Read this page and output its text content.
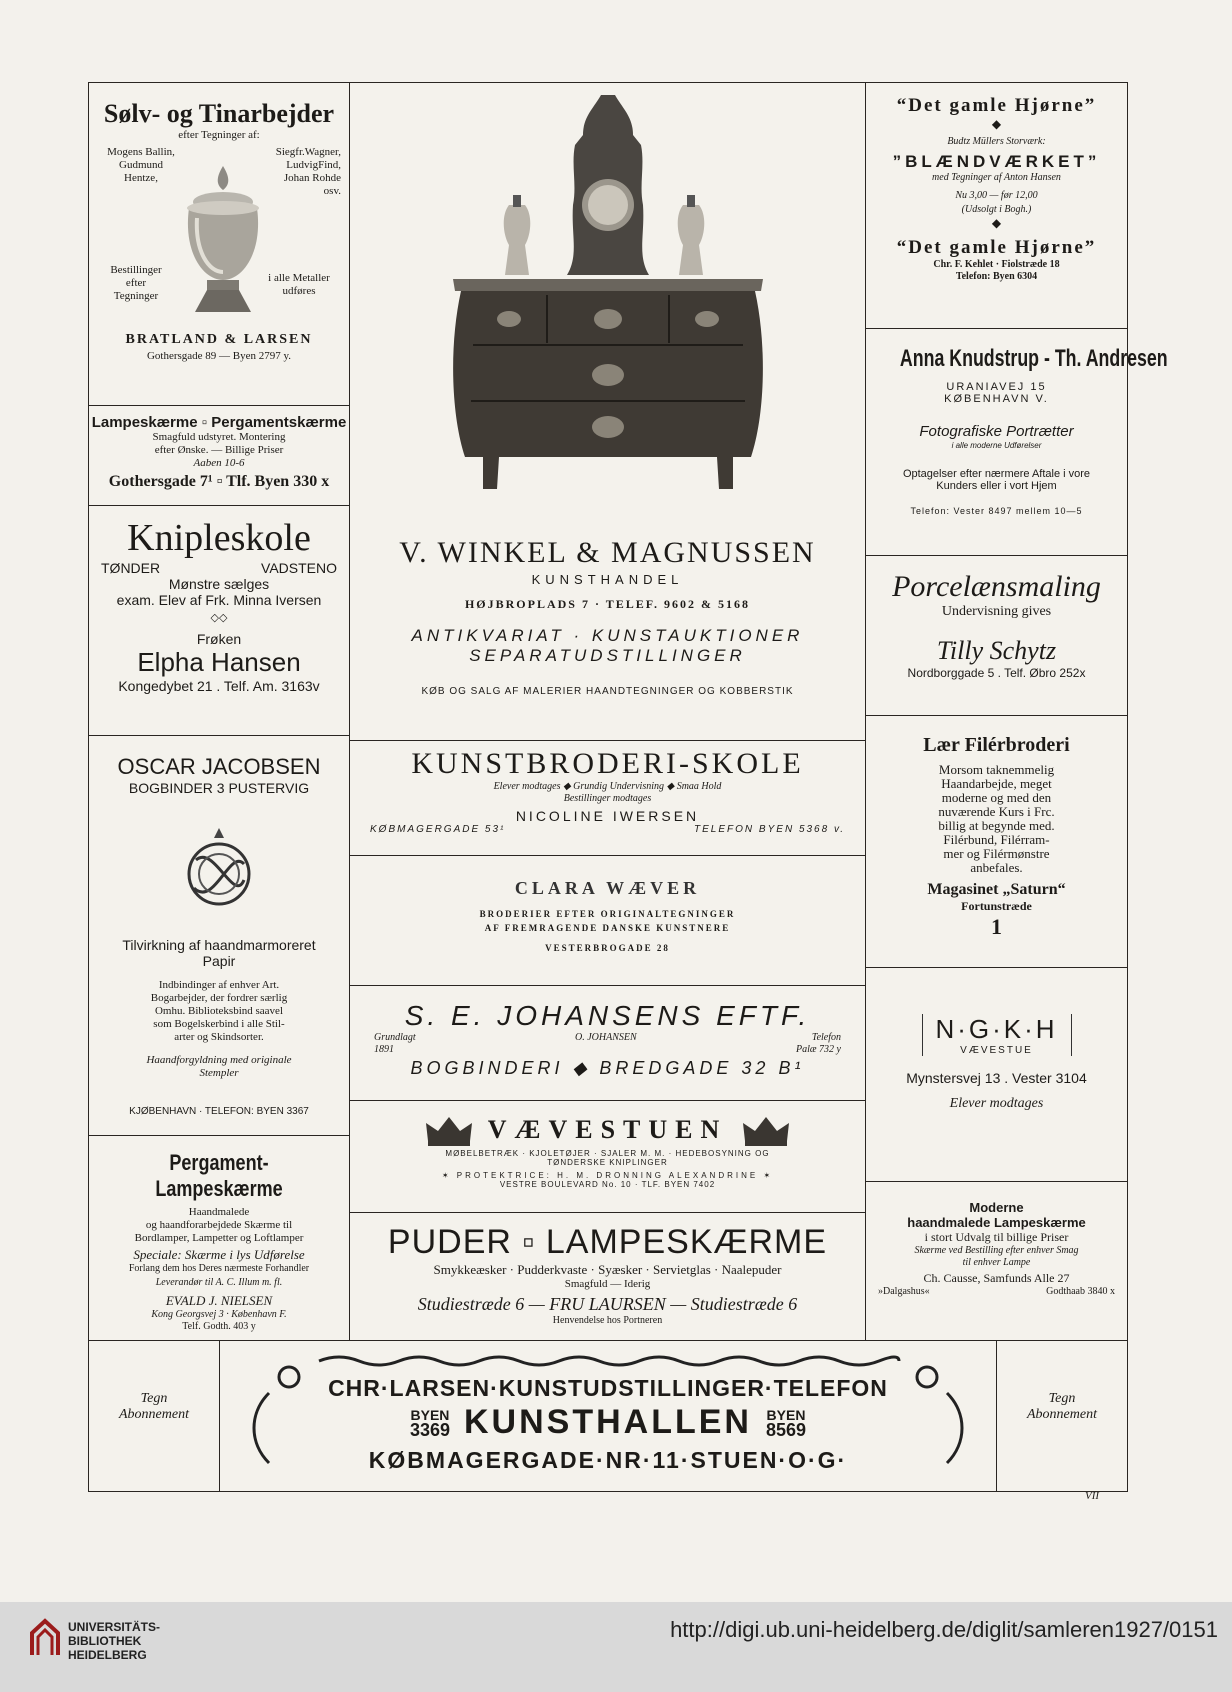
Sølv- og Tinarbejder
efter Tegninger af:
Mogens Ballin,
Gudmund
Hentze,
Siegfr.Wagner,
LudvigFind,
Johan Rohde
osv.
Bestillinger
efter
Tegninger
i alle Metaller
udføres
BRATLAND & LARSEN
Gothersgade 89 — Byen 2797 y.
Lampeskærme ▫ Pergamentskærme
Smagfuld udstyret. Montering
efter Ønske. — Billige Priser
Aaben 10-6
Gothersgade 7¹ ▫ Tlf. Byen 330 x
Knipleskole
TØNDER	VADSTENO
Mønstre sælges
exam. Elev af Frk. Minna Iversen
◇◇
Frøken
Elpha Hansen
Kongedybet 21 . Telf. Am. 3163v
OSCAR JACOBSEN
BOGBINDER 3 PUSTERVIG
Tilvirkning af haandmarmoreret
Papir
Indbindinger af enhver Art.
Bogarbejder, der fordrer særlig
Omhu. Biblioteksbind saavel
som Bogelskerbind i alle Stil-
arter og Skindsorter.
Haandforgyldning med originale
Stempler
KJØBENHAVN · TELEFON: BYEN 3367
Pergament-Lampeskærme
Haandmalede
og haandforarbejdede Skærme til
Bordlamper, Lampetter og Loftlamper
Speciale: Skærme i lys Udførelse
Forlang dem hos Deres nærmeste Forhandler
Leverandør til A. C. Illum m. fl.
EVALD J. NIELSEN
Kong Georgsvej 3 · København F.
Telf. Godth. 403 y
V. WINKEL & MAGNUSSEN
KUNSTHANDEL
HØJBROPLADS 7 · TELEF. 9602 & 5168
ANTIKVARIAT · KUNSTAUKTIONER
SEPARATUDSTILLINGER
KØB OG SALG AF MALERIER HAANDTEGNINGER OG KOBBERSTIK
KUNSTBRODERI-SKOLE
Elever modtages ◆ Grundig Undervisning ◆ Smaa Hold
Bestillinger modtages
NICOLINE IWERSEN
KØBMAGERGADE 53¹	TELEFON BYEN 5368 v.
CLARA WÆVER
BRODERIER EFTER ORIGINALTEGNINGER
AF FREMRAGENDE DANSKE KUNSTNERE
VESTERBROGADE 28
S. E. JOHANSENS EFTF.
Grundlagt
1891
O. JOHANSEN	Telefon
Palæ 732 y
BOGBINDERI ◆ BREDGADE 32 B¹
VÆVESTUEN
MØBELBETRÆK · KJOLETØJER · SJALER M. M. · HEDEBOSYNING OG
TØNDERSKE KNIPLINGER
✶ PROTEKTRICE: H. M. DRONNING ALEXANDRINE ✶
VESTRE BOULEVARD No. 10 · TLF. BYEN 7402
PUDER ▫ LAMPESKÆRME
Smykkeæsker · Pudderkvaste · Syæsker · Servietglas · Naalepuder
Smagfuld — Iderig
Studiestræde 6 — FRU LAURSEN — Studiestræde 6
Henvendelse hos Portneren
“Det gamle Hjørne”
◆
Budtz Müllers Storværk:
”BLÆNDVÆRKET”
med Tegninger af Anton Hansen
Nu 3,00 — før 12,00
(Udsolgt i Bogh.)
◆
“Det gamle Hjørne”
Chr. F. Kehlet · Fiolstræde 18
Telefon: Byen 6304
Anna Knudstrup - Th. Andresen
URANIAVEJ 15
KØBENHAVN V.
Fotografiske Portrætter
i alle moderne Udførelser
Optagelser efter nærmere Aftale i vore
Kunders eller i vort Hjem
Telefon: Vester 8497 mellem 10—5
Porcelænsmaling
Undervisning gives
Tilly Schytz
Nordborggade 5 . Telf. Øbro 252x
Lær Filérbroderi
Morsom taknemmelig
Haandarbejde, meget
moderne og med den
nuværende Kurs i Frc.
billig at begynde med.
Filérbund, Filérram-
mer og Filérmønstre
anbefales.
Magasinet „Saturn“
Fortunstræde
1
N·G·K·H
VÆVESTUE
Mynstersvej 13 . Vester 3104
Elever modtages
Moderne
haandmalede Lampeskærme
i stort Udvalg til billige Priser
Skærme ved Bestilling efter enhver Smag
til enhver Lampe
Ch. Causse, Samfunds Alle 27
»Dalgashus«	Godthaab 3840 x
Tegn
Abonnement
Tegn
Abonnement
CHR·LARSEN·KUNSTUDSTILLINGER·TELEFON
BYEN
3369 KUNSTHALLEN BYEN
8569
KØBMAGERGADE·NR·11·STUEN·O·G·
VII
UNIVERSITÄTS-
BIBLIOTHEK
HEIDELBERG
http://digi.ub.uni-heidelberg.de/diglit/samleren1927/0151
